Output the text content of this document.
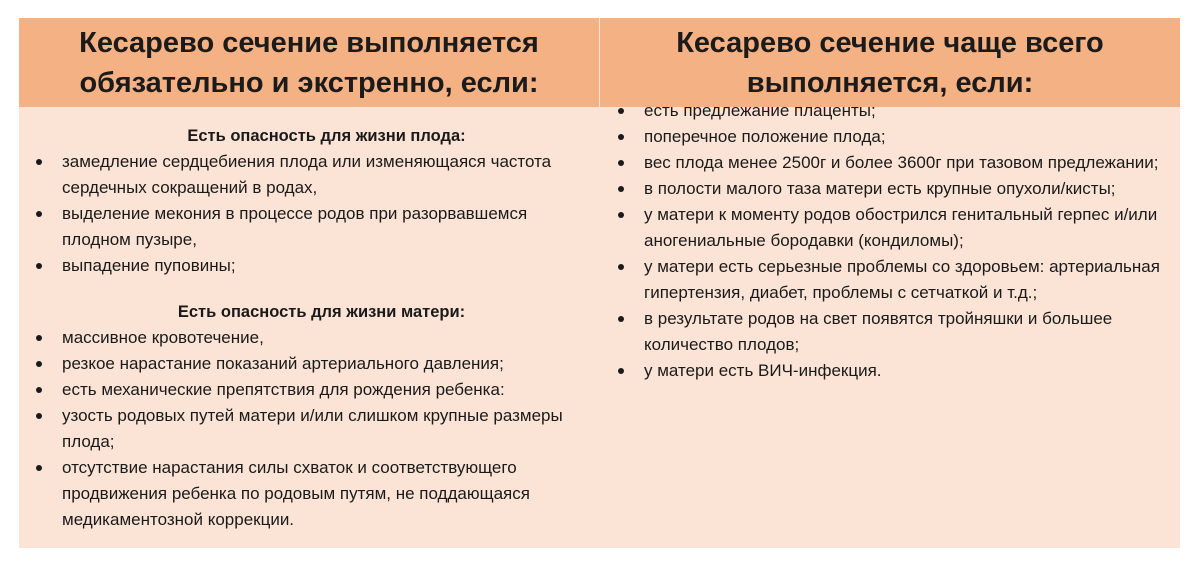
Кесарево сечение выполняется обязательно и экстренно, если:
Кесарево сечение чаще всего выполняется, если:
Есть опасность для жизни плода:
замедление сердцебиения плода или изменяющаяся частота сердечных сокращений в родах,
выделение мекония в процессе родов при разорвавшемся плодном пузыре,
выпадение пуповины;
Есть опасность для жизни матери:
массивное кровотечение,
резкое нарастание показаний артериального давления;
есть механические препятствия для рождения ребенка:
узость родовых путей матери и/или слишком крупные размеры плода;
отсутствие нарастания силы схваток и соответствующего продвижения ребенка по родовым путям, не поддающаяся медикаментозной коррекции.
есть предлежание плаценты;
поперечное положение плода;
вес плода менее 2500г и более 3600г при тазовом предлежании;
в полости малого таза матери есть крупные опухоли/кисты;
у матери к моменту родов обострился генитальный герпес и/или аногениальные бородавки (кондиломы);
у матери есть серьезные проблемы со здоровьем: артериальная гипертензия, диабет, проблемы с сетчаткой и т.д.;
в результате родов на свет появятся тройняшки и большее количество плодов;
у матери есть ВИЧ-инфекция.
